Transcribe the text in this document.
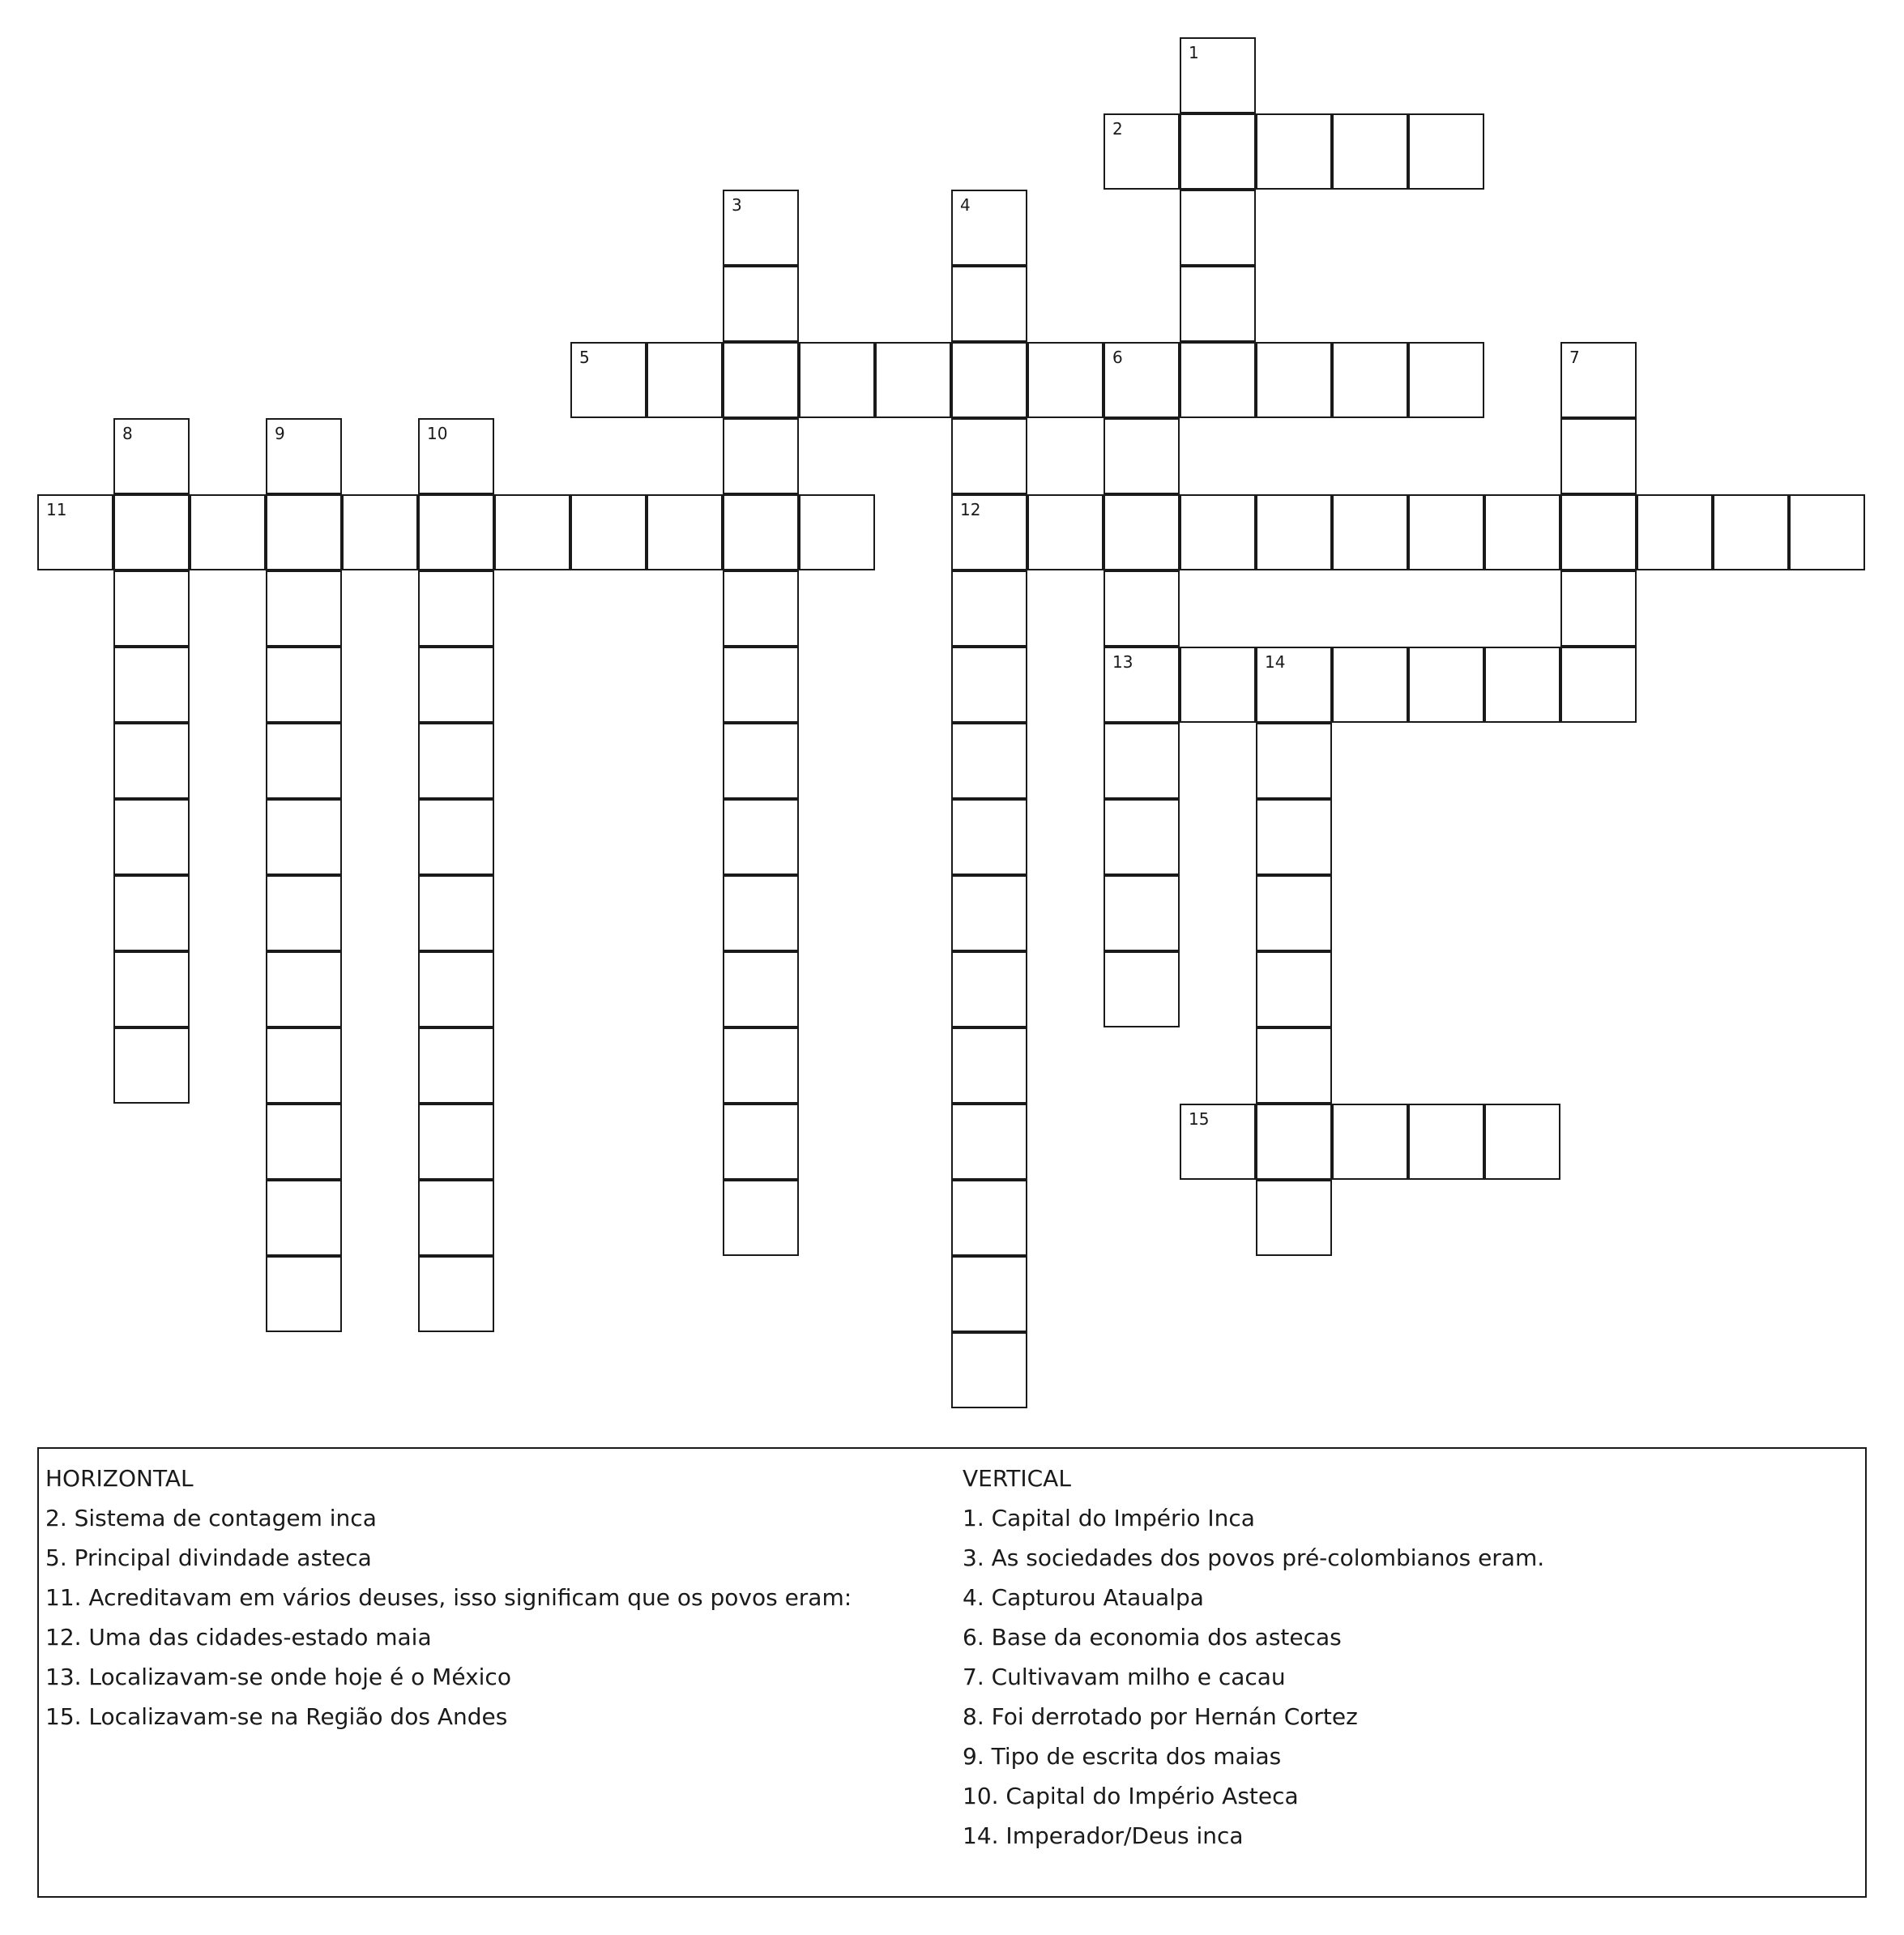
1
2
3	4
12
5	6
13
7
8	9	10
11
14
15
HORIZONTAL
2. Sistema de contagem inca
5. Principal divindade asteca
11. Acreditavam em vários deuses, isso significam que os povos eram:
12. Uma das cidades-estado maia
13. Localizavam-se onde hoje é o México
15. Localizavam-se na Região dos Andes
VERTICAL
1. Capital do Império Inca
3. As sociedades dos povos pré-colombianos eram.
4. Capturou Ataualpa
6. Base da economia dos astecas
7. Cultivavam milho e cacau
8. Foi derrotado por Hernán Cortez
9. Tipo de escrita dos maias
10. Capital do Império Asteca
14. Imperador/Deus inca
